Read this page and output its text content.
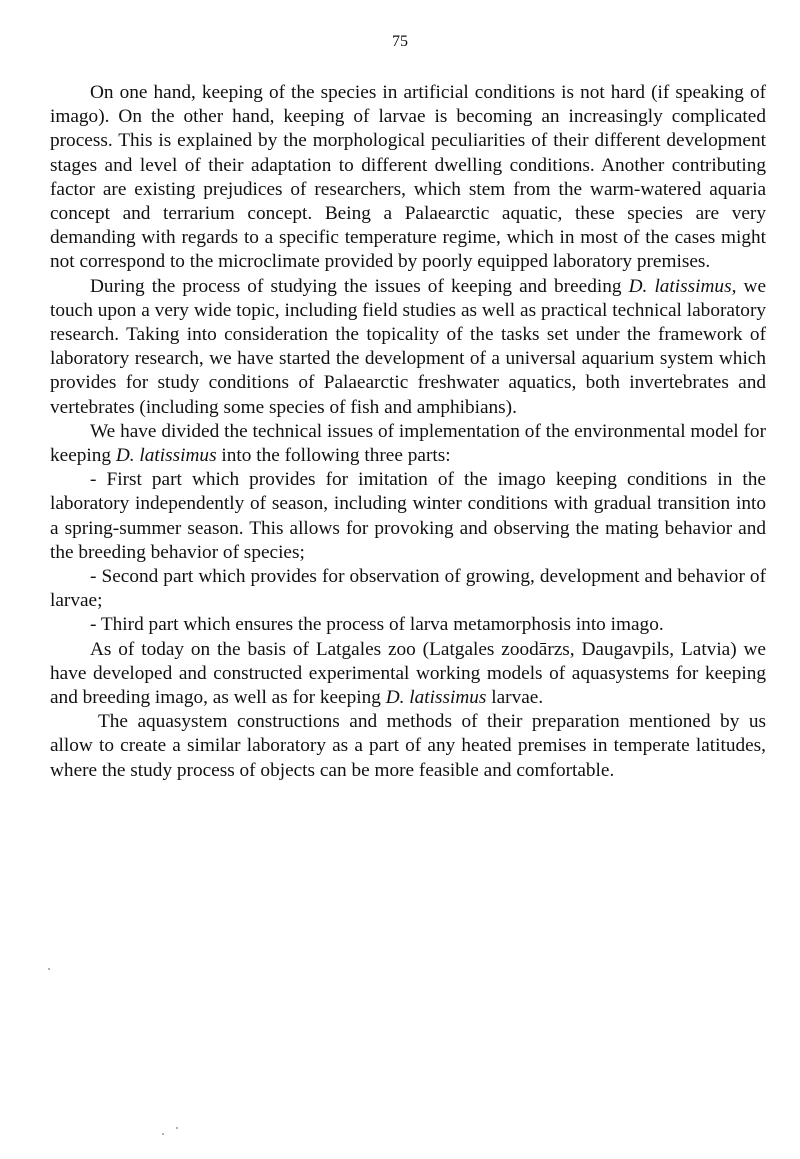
75

On one hand, keeping of the species in artificial conditions is not hard (if speaking of imago). On the other hand, keeping of larvae is becoming an increasingly complicated process. This is explained by the morphological peculiarities of their different development stages and level of their adaptation to different dwelling conditions. Another contributing factor are existing prejudices of researchers, which stem from the warm-watered aquaria concept and terrarium concept. Being a Palaearctic aquatic, these species are very demanding with regards to a specific temperature regime, which in most of the cases might not correspond to the microclimate provided by poorly equipped laboratory premises.

During the process of studying the issues of keeping and breeding D. latissimus, we touch upon a very wide topic, including field studies as well as practical technical laboratory research. Taking into consideration the topicality of the tasks set under the framework of laboratory research, we have started the development of a universal aquarium system which provides for study conditions of Palaearctic freshwater aquatics, both invertebrates and vertebrates (including some species of fish and amphibians).

We have divided the technical issues of implementation of the environmental model for keeping D. latissimus into the following three parts:

- First part which provides for imitation of the imago keeping conditions in the laboratory independently of season, including winter conditions with gradual transition into a spring-summer season. This allows for provoking and observing the mating behavior and the breeding behavior of species;

- Second part which provides for observation of growing, development and behavior of larvae;

- Third part which ensures the process of larva metamorphosis into imago.

As of today on the basis of Latgales zoo (Latgales zoodārzs, Daugavpils, Latvia) we have developed and constructed experimental working models of aquasystems for keeping and breeding imago, as well as for keeping D. latissimus larvae.

The aquasystem constructions and methods of their preparation mentioned by us allow to create a similar laboratory as a part of any heated premises in temperate latitudes, where the study process of objects can be more feasible and comfortable.
